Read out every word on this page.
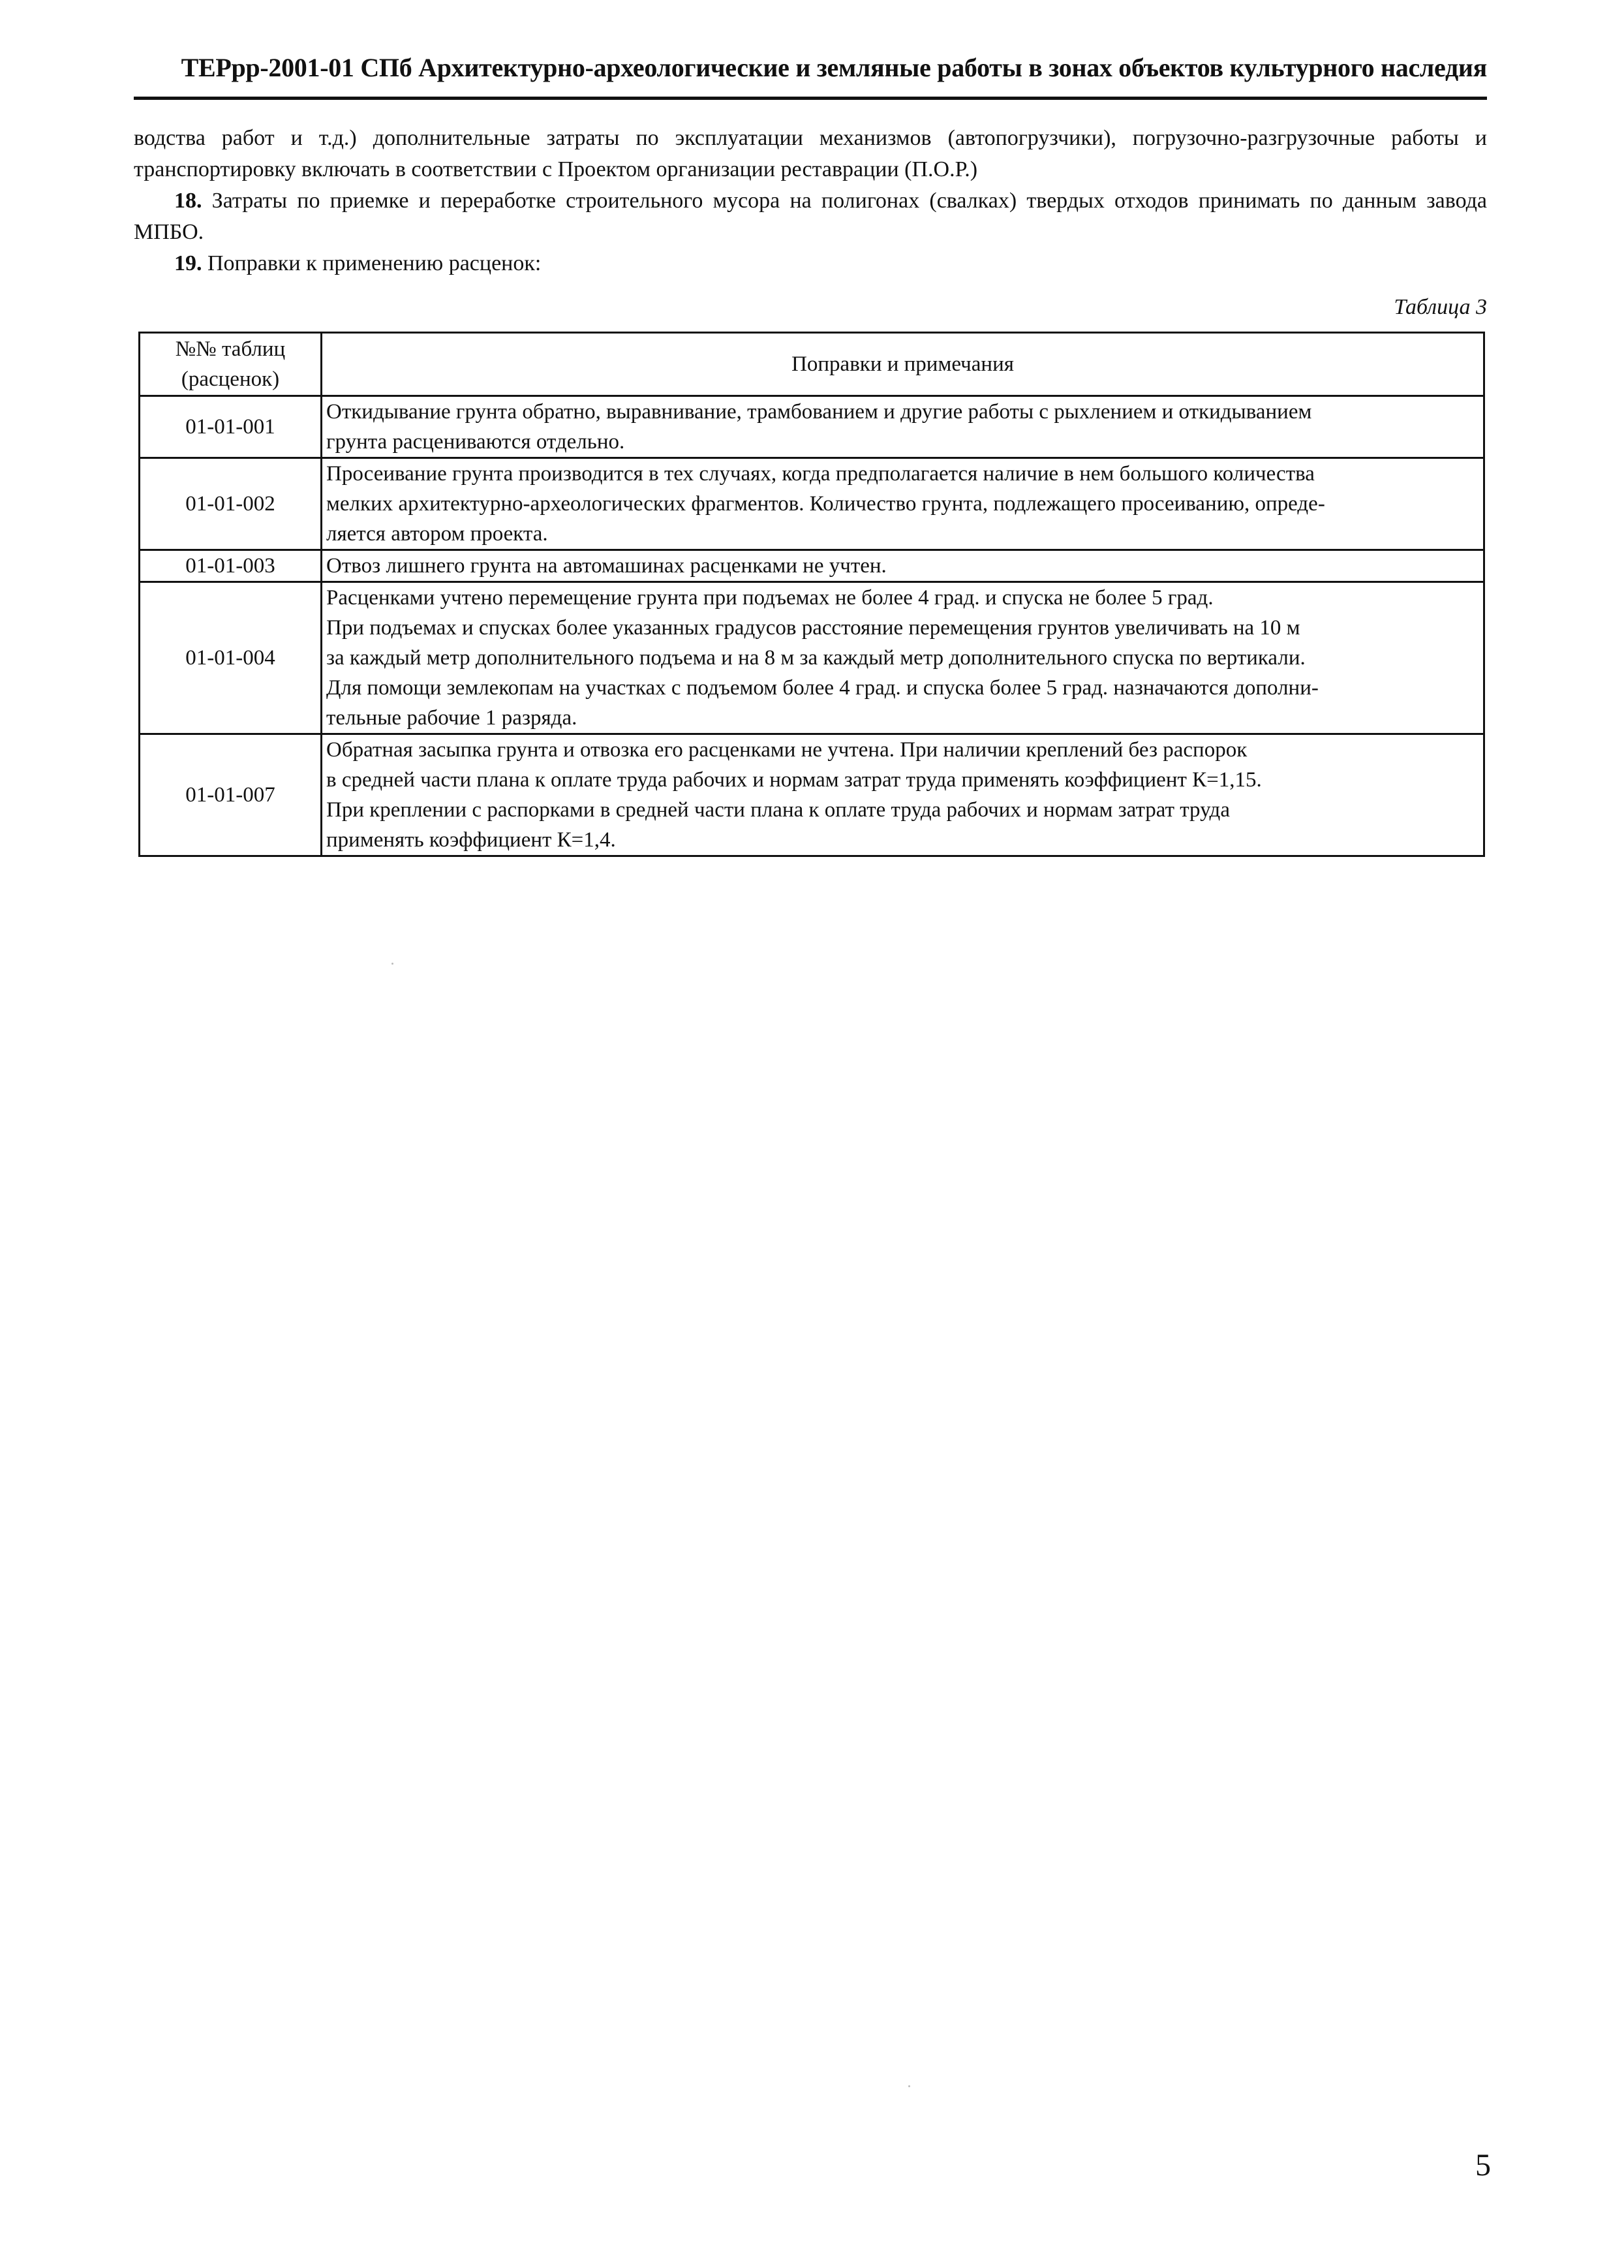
ТЕРрр-2001-01 СПб Архитектурно-археологические и земляные работы в зонах объектов культурного наследия

водства работ и т.д.) дополнительные затраты по эксплуатации механизмов (автопогрузчики), погрузочно-разгрузочные работы и транспортировку включать в соответствии с Проектом организации реставрации (П.О.Р.)

18. Затраты по приемке и переработке строительного мусора на полигонах (свалках) твердых отходов принимать по данным завода МПБО.

19. Поправки к применению расценок:

Таблица 3
№№ таблиц
(расценок)	Поправки и примечания
01-01-001	Откидывание грунта обратно, выравнивание, трамбованием и другие работы с рыхлением и откидыванием
грунта расцениваются отдельно.

01-01-002	Просеивание грунта производится в тех случаях, когда предполагается наличие в нем большого количества
мелких архитектурно-археологических фрагментов. Количество грунта, подлежащего просеиванию, опреде-
ляется автором проекта.

01-01-003	Отвоз лишнего грунта на автомашинах расценками не учтен.

01-01-004	Расценками учтено перемещение грунта при подъемах не более 4 град. и спуска не более 5 град.
При подъемах и спусках более указанных градусов расстояние перемещения грунтов увеличивать на 10 м
за каждый метр дополнительного подъема и на 8 м за каждый метр дополнительного спуска по вертикали.
Для помощи землекопам на участках с подъемом более 4 град. и спуска более 5 град. назначаются дополни-
тельные рабочие 1 разряда.

01-01-007	Обратная засыпка грунта и отвозка его расценками не учтена. При наличии креплений без распорок
в средней части плана к оплате труда рабочих и нормам затрат труда применять коэффициент К=1,15.
При креплении с распорками в средней части плана к оплате труда рабочих и нормам затрат труда
применять коэффициент К=1,4.
5
